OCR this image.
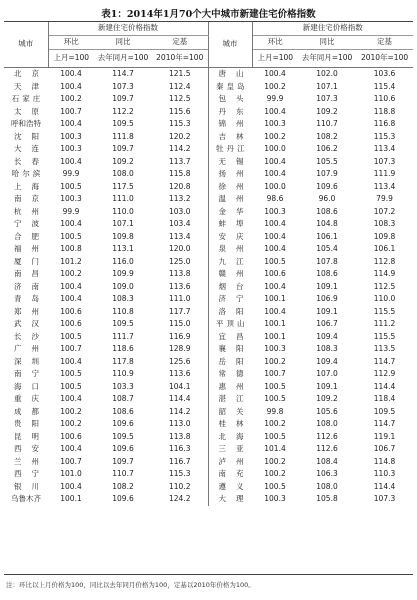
表1：2014年1月70个大中城市新建住宅价格指数
城市	新建住宅价格指数			城市	新建住宅价格指数		
	环比	同比	定基		环比	同比	定基
	上月=100	去年同月=100	2010年=100		上月=100	去年同月=100	2010年=100
北京	100.4	114.7	121.5	唐山	100.4	102.0	103.6
天津	100.4	107.3	112.4	秦皇岛	100.2	107.1	115.4
石家庄	100.2	109.7	112.5	包头	99.9	107.3	110.6
太原	100.7	112.2	115.6	丹东	100.4	109.2	118.8
呼和浩特	100.4	109.5	115.3	锦州	100.3	110.7	116.8
沈阳	100.3	111.8	120.2	吉林	100.2	108.2	115.3
大连	100.3	109.7	114.2	牡丹江	100.0	106.2	113.4
长春	100.4	109.2	113.7	无锡	100.4	105.5	107.3
哈尔滨	99.9	108.0	115.8	扬州	100.4	107.9	111.9
上海	100.5	117.5	120.8	徐州	100.0	109.6	113.4
南京	100.3	111.0	113.2	温州	98.6	96.0	79.9
杭州	99.9	110.0	103.0	金华	100.3	108.6	107.2
宁波	100.4	107.1	103.4	蚌埠	100.4	104.8	108.3
合肥	100.5	109.8	113.4	安庆	100.4	106.1	109.8
福州	100.8	113.1	120.0	泉州	100.4	105.4	106.1
厦门	101.2	116.0	125.0	九江	100.5	107.8	112.8
南昌	100.2	109.9	113.8	赣州	100.6	108.6	114.9
济南	100.4	109.0	113.6	烟台	100.4	109.1	112.5
青岛	100.4	108.3	111.0	济宁	100.1	106.9	110.0
郑州	100.6	110.8	117.7	洛阳	100.4	109.1	115.5
武汉	100.6	109.5	115.0	平顶山	100.1	106.7	111.2
长沙	100.5	111.7	116.9	宜昌	100.1	109.4	115.5
广州	100.7	118.6	128.9	襄阳	100.3	108.3	113.5
深圳	100.4	117.8	125.6	岳阳	100.2	109.4	114.7
南宁	100.5	110.9	113.6	常德	100.7	107.0	112.9
海口	100.5	103.3	104.1	惠州	100.5	109.1	114.4
重庆	100.4	108.7	114.4	湛江	100.5	109.2	118.4
成都	100.2	108.6	114.2	韶关	99.8	105.6	109.5
贵阳	100.2	109.6	113.0	桂林	100.2	108.0	114.7
昆明	100.6	109.5	113.8	北海	100.5	112.6	119.1
西安	100.4	109.6	116.3	三亚	101.4	112.6	106.7
兰州	100.7	109.7	116.7	泸州	100.2	108.4	114.8
西宁	101.0	110.7	115.3	南充	100.2	106.3	110.3
银川	100.4	108.2	110.2	遵义	100.5	108.0	114.4
乌鲁木齐	100.1	109.6	124.2	大理	100.3	105.8	107.3
注：环比以上月价格为100，同比以去年同月价格为100，定基以2010年价格为100。
